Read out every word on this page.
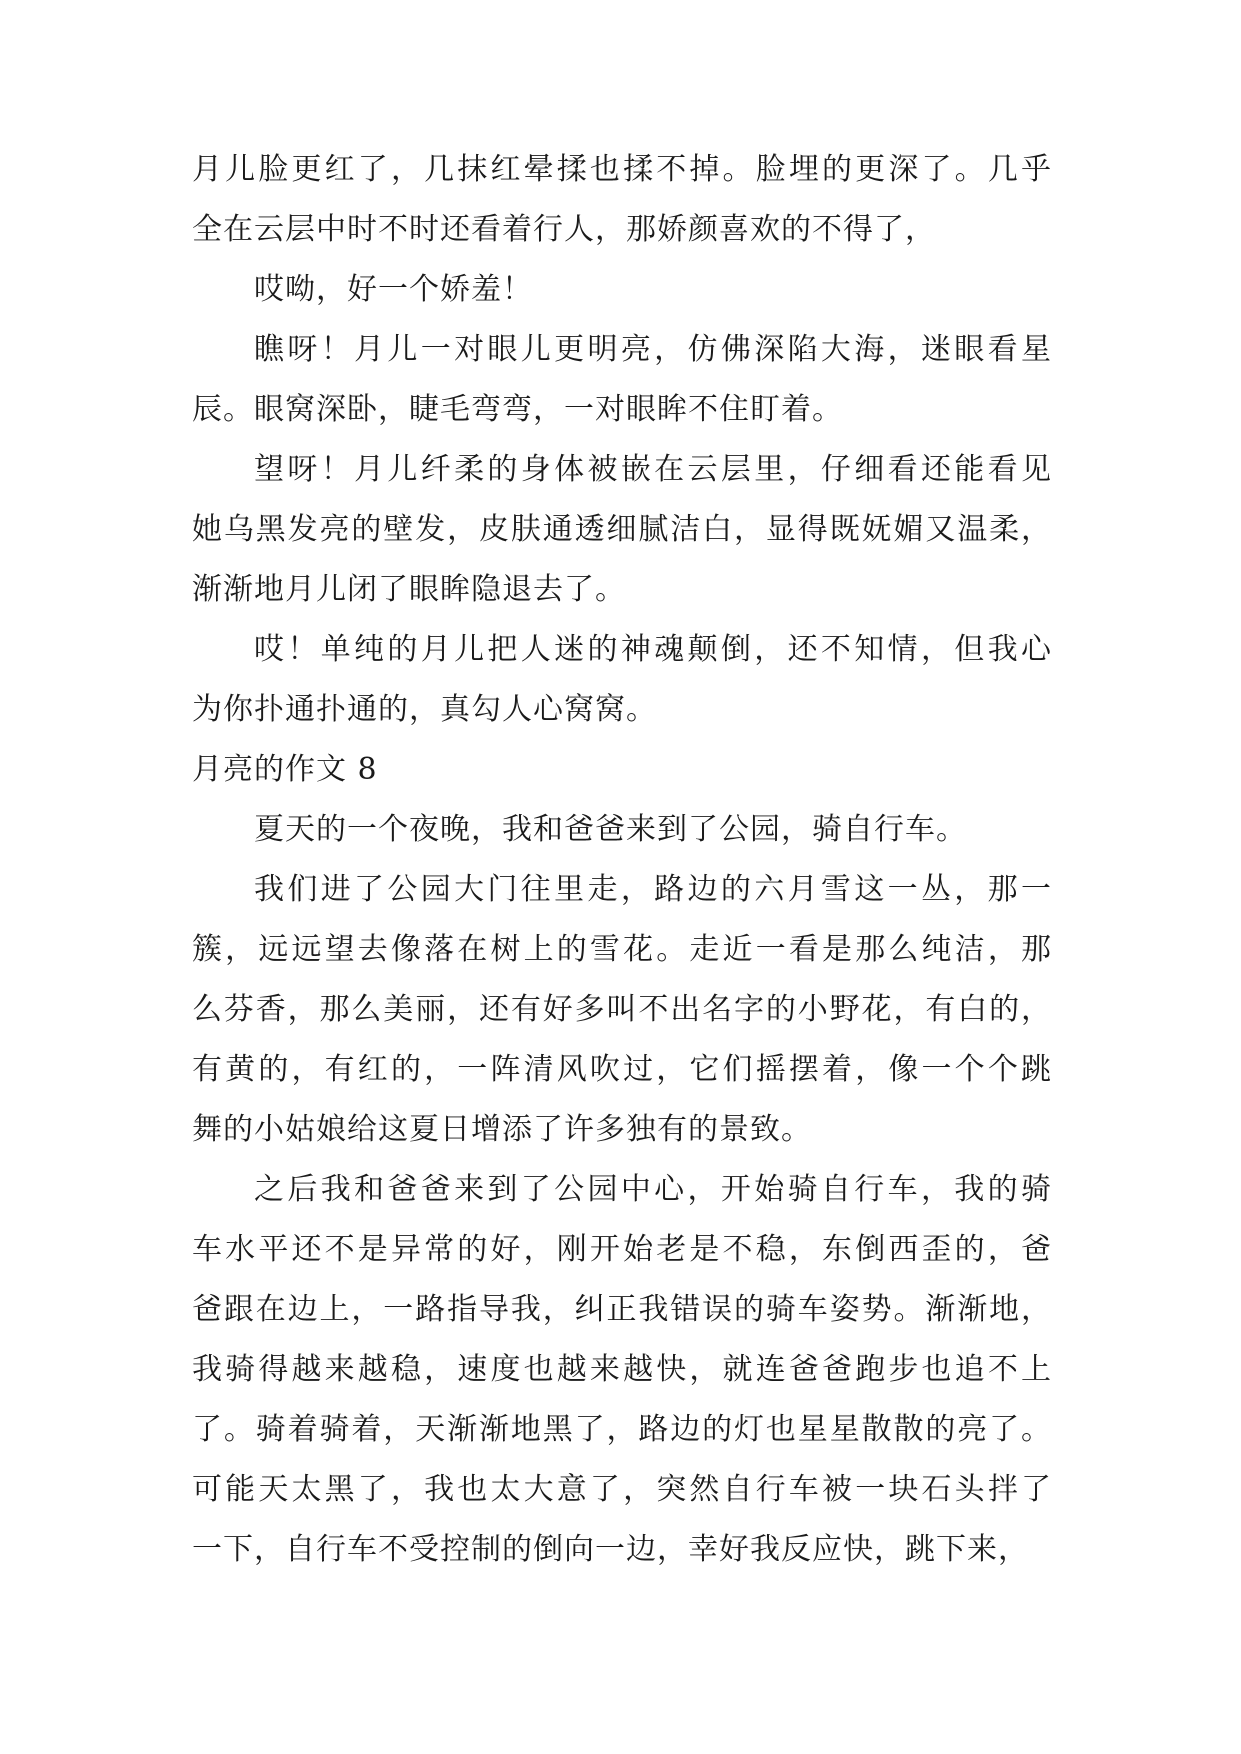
月儿脸更红了，几抹红晕揉也揉不掉。脸埋的更深了。几乎
全在云层中时不时还看着行人，那娇颜喜欢的不得了，
哎呦，好一个娇羞！
瞧呀！月儿一对眼儿更明亮，仿佛深陷大海，迷眼看星
辰。眼窝深卧，睫毛弯弯，一对眼眸不住盯着。
望呀！月儿纤柔的身体被嵌在云层里，仔细看还能看见
她乌黑发亮的壁发，皮肤通透细腻洁白，显得既妩媚又温柔，
渐渐地月儿闭了眼眸隐退去了。
哎！单纯的月儿把人迷的神魂颠倒，还不知情，但我心
为你扑通扑通的，真勾人心窝窝。
月亮的作文 8
夏天的一个夜晚，我和爸爸来到了公园，骑自行车。
我们进了公园大门往里走，路边的六月雪这一丛，那一
簇，远远望去像落在树上的雪花。走近一看是那么纯洁，那
么芬香，那么美丽，还有好多叫不出名字的小野花，有白的，
有黄的，有红的，一阵清风吹过，它们摇摆着，像一个个跳
舞的小姑娘给这夏日增添了许多独有的景致。
之后我和爸爸来到了公园中心，开始骑自行车，我的骑
车水平还不是异常的好，刚开始老是不稳，东倒西歪的，爸
爸跟在边上，一路指导我，纠正我错误的骑车姿势。渐渐地，
我骑得越来越稳，速度也越来越快，就连爸爸跑步也追不上
了。骑着骑着，天渐渐地黑了，路边的灯也星星散散的亮了。
可能天太黑了，我也太大意了，突然自行车被一块石头拌了
一下，自行车不受控制的倒向一边，幸好我反应快，跳下来，
